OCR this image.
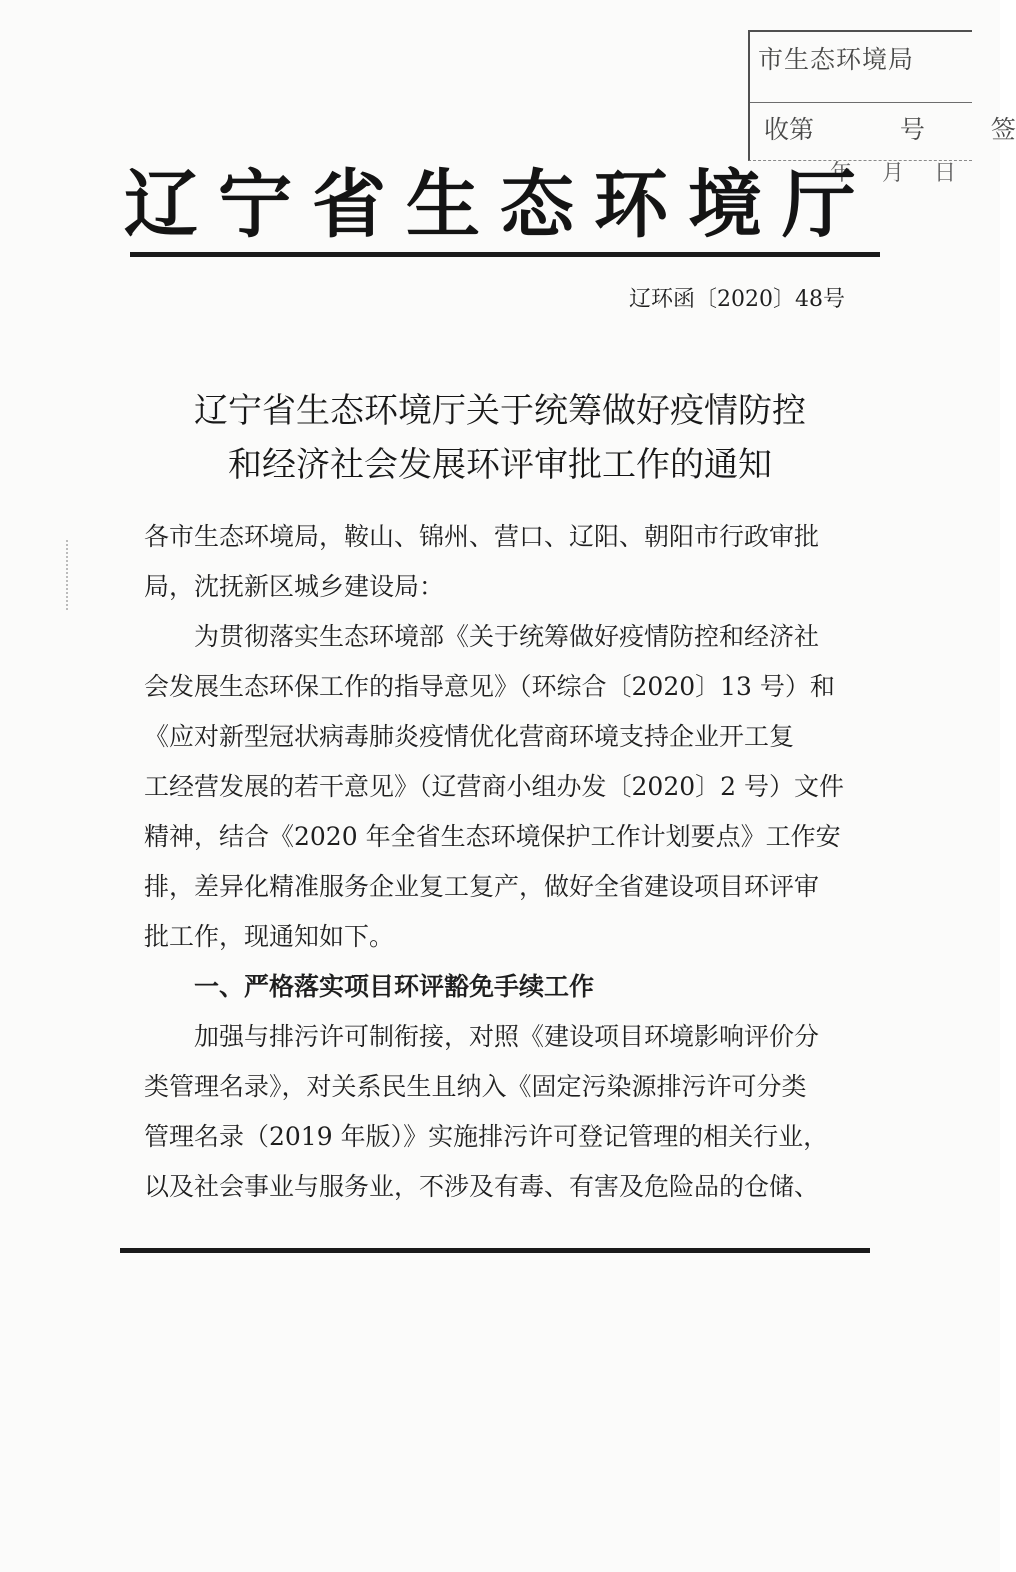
市生态环境局
收第	号	签
年月日
辽宁省生态环境厅
辽环函〔2020〕48号
辽宁省生态环境厅关于统筹做好疫情防控
和经济社会发展环评审批工作的通知
各市生态环境局，鞍山、锦州、营口、辽阳、朝阳市行政审批
局，沈抚新区城乡建设局：
为贯彻落实生态环境部《关于统筹做好疫情防控和经济社
会发展生态环保工作的指导意见》（环综合〔2020〕13 号）和
《应对新型冠状病毒肺炎疫情优化营商环境支持企业开工复
工经营发展的若干意见》（辽营商小组办发〔2020〕2 号）文件
精神，结合《2020 年全省生态环境保护工作计划要点》工作安
排，差异化精准服务企业复工复产，做好全省建设项目环评审
批工作，现通知如下。
一、严格落实项目环评豁免手续工作
加强与排污许可制衔接，对照《建设项目环境影响评价分
类管理名录》，对关系民生且纳入《固定污染源排污许可分类
管理名录（2019 年版）》实施排污许可登记管理的相关行业，
以及社会事业与服务业，不涉及有毒、有害及危险品的仓储、
